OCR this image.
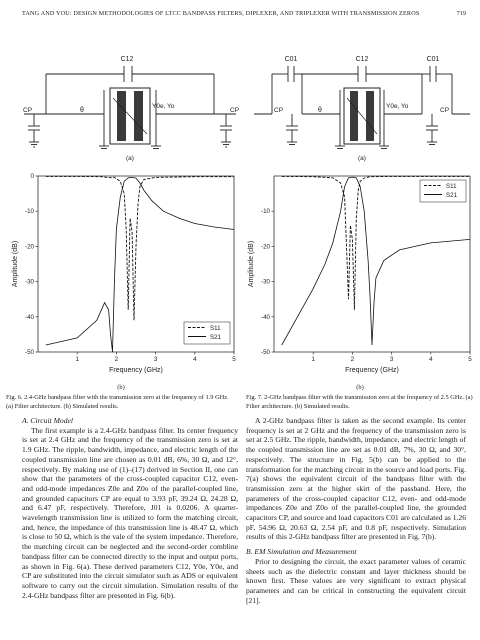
TANG AND YOU: DESIGN METHODOLOGIES OF LTCC BANDPASS FILTERS, DIPLEXER, AND TRIPLEXER WITH TRANSMISSION ZEROS	719
C12
CP	CP
θ
Y0e, Yo
(a)
C01	C12	C01
CP	CP
θ
Y0e, Yo
(a)
1	2	3	4	5
0
-10
-20
-30
-40
-50
Frequency (GHz)
Amplitude (dB)
S11
S21
1	2	3	4	5
-10
-20
-30
-40
-50
Frequency (GHz)
Amplitude (dB)
S11
S21
(b)
Fig. 6. 2.4-GHz bandpass filter with the transmission zero at the frequency of 1.9 GHz. (a) Filter architecture. (b) Simulated results.
(b)
Fig. 7. 2-GHz bandpass filter with the transmission zero at the frequency of 2.5 GHz. (a) Filter architecture. (b) Simulated results.

A. Circuit Model

The first example is a 2.4-GHz bandpass filter. Its center frequency is set at 2.4 GHz and the frequency of the transmission zero is set at 1.9 GHz. The ripple, bandwidth, impedance, and electric length of the coupled transmission line are chosen as 0.01 dB, 6%, 30 Ω, and 12°, respectively. By making use of (1)–(17) derived in Section II, one can show that the parameters of the cross-coupled capacitor C12, even- and odd-mode impedances Z0e and Z0o of the parallel-coupled line, and grounded capacitors CP are equal to 3.93 pF, 39.24 Ω, 24.28 Ω, and 6.47 pF, respectively. Therefore, J01 is 0.0206. A quarter-wavelength transmission line is utilized to form the matching circuit, and, hence, the impedance of this transmission line is 48.47 Ω, which is close to 50 Ω, which is the vale of the system impedance. Therefore, the matching circuit can be neglected and the second-order combline bandpass filter can be connected directly to the input and output ports, as shown in Fig. 6(a). These derived parameters C12, Y0e, Y0e, and CP are substituted into the circuit simulator such as ADS or equivalent software to carry out the circuit simulation. Simulation results of the 2.4-GHz bandpass filter are presented in Fig. 6(b).

A 2-GHz bandpass filter is taken as the second example. Its center frequency is set at 2 GHz and the frequency of the transmission zero is set at 2.5 GHz. The ripple, bandwidth, impedance, and electric length of the coupled transmission line are set as 0.01 dB, 7%, 30 Ω, and 30°, respectively. The structure in Fig. 5(b) can be applied to the transformation for the matching circuit in the source and load ports. Fig. 7(a) shows the equivalent circuit of the bandpass filter with the transmission zero at the higher skirt of the passband. Here, the parameters of the cross-coupled capacitor C12, even- and odd-mode impedances Z0e and Z0o of the parallel-coupled line, the grounded capacitors CP, and source and load capacitors C01 are calculated as 1.26 pF, 54.96 Ω, 20.63 Ω, 2.54 pF, and 0.8 pF, respectively. Simulation results of this 2-GHz bandpass filter are presented in Fig. 7(b).

B. EM Simulation and Measurement

Prior to designing the circuit, the exact parameter values of ceramic sheets such as the dielectric constant and layer thickness should be known first. These values are very significant to extract physical parameters and can be critical in constructing the equivalent circuit [21].
